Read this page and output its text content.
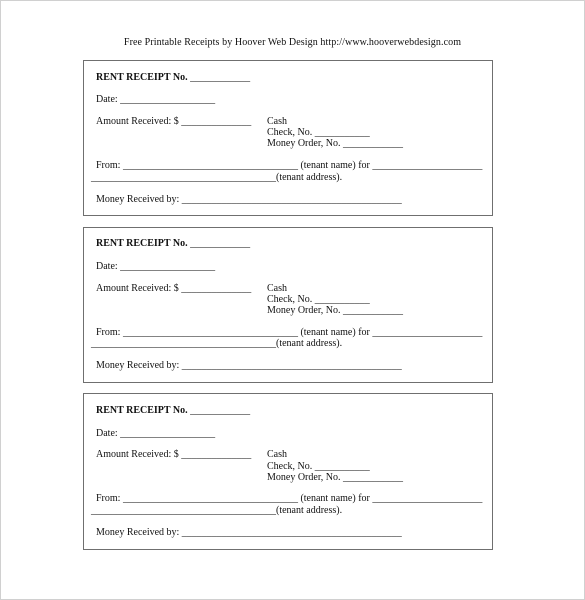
Free Printable Receipts by Hoover Web Design http://www.hooverwebdesign.com
RENT RECEIPT No. ____________
Date: ___________________
Amount Received: $ ______________ Cash
Check, No. ___________
Money Order, No. ____________
From: ___________________________________ (tenant name) for ______________________
_____________________________________(tenant address).
Money Received by: ____________________________________________
RENT RECEIPT No. ____________
Date: ___________________
Amount Received: $ ______________ Cash
Check, No. ___________
Money Order, No. ____________
From: ___________________________________ (tenant name) for ______________________
_____________________________________(tenant address).
Money Received by: ____________________________________________
RENT RECEIPT No. ____________
Date: ___________________
Amount Received: $ ______________ Cash
Check, No. ___________
Money Order, No. ____________
From: ___________________________________ (tenant name) for ______________________
_____________________________________(tenant address).
Money Received by: ____________________________________________
